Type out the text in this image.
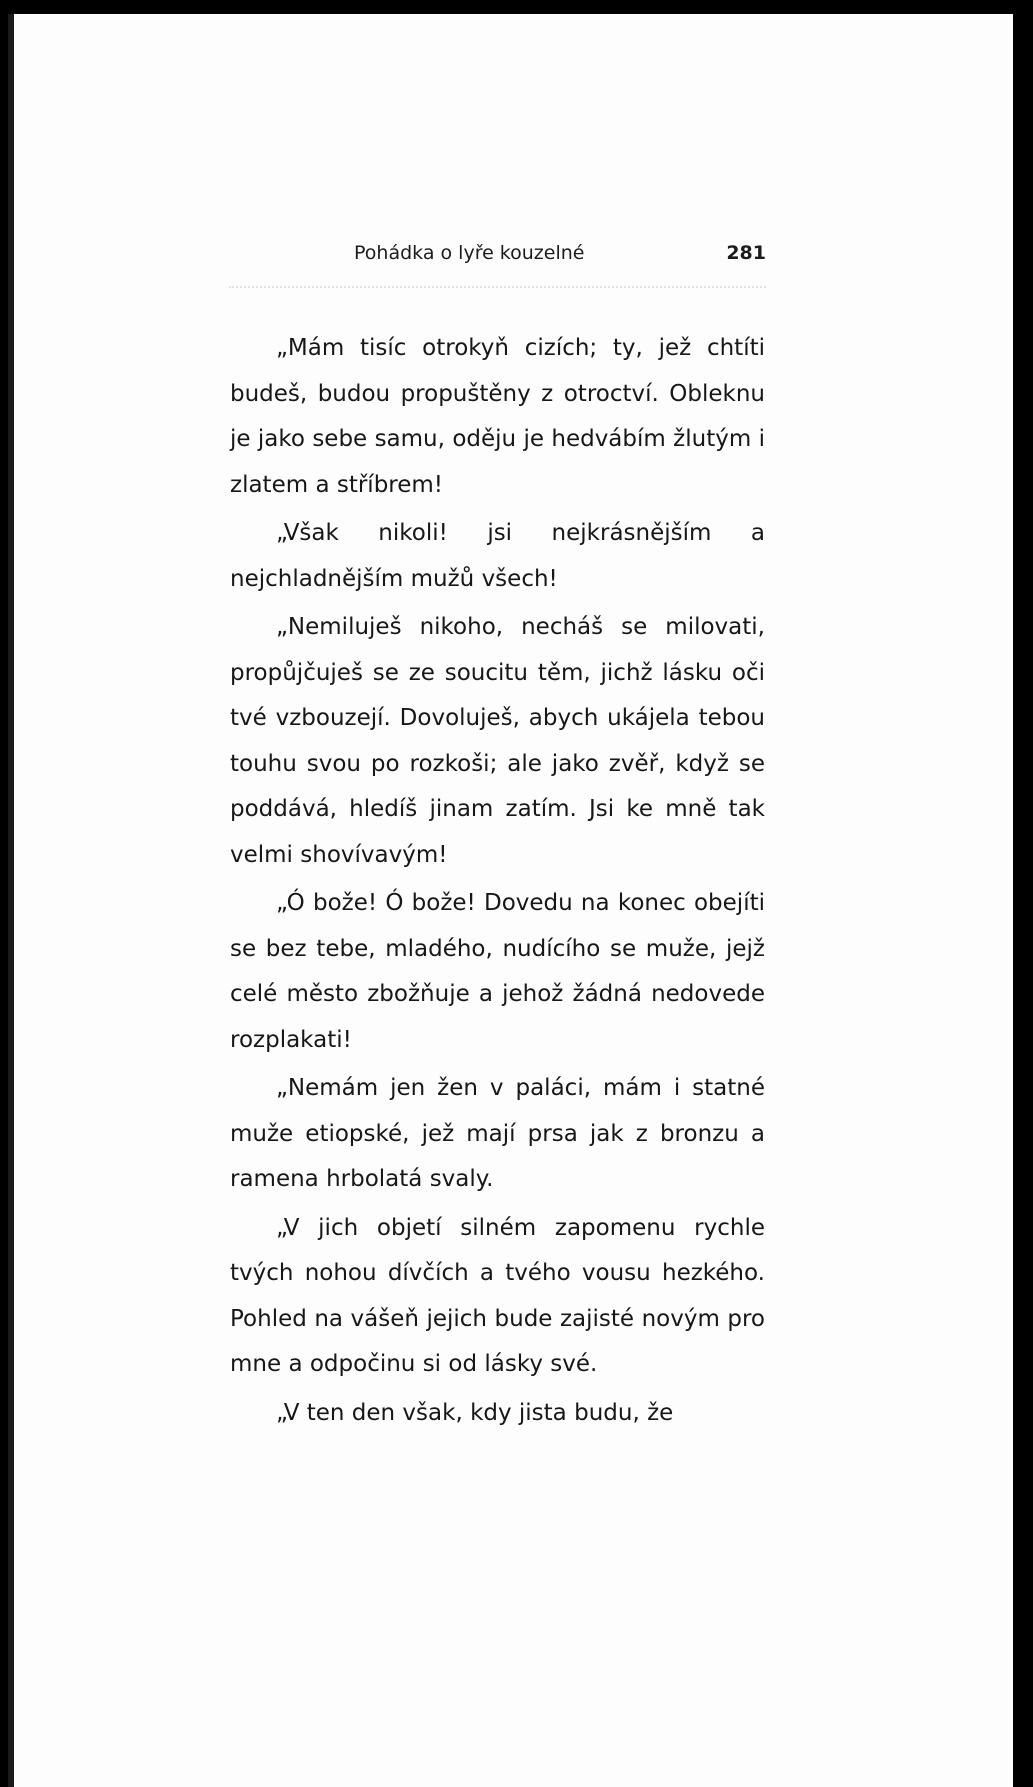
Pohádka o lyře kouzelné	281

„Mám tisíc otrokyň cizích; ty, jež chtíti budeš, budou propuštěny z otroctví. Obleknu je jako sebe samu, oděju je hedvábím žlutým i zlatem a stříbrem!

„Však nikoli! jsi nejkrásnějším a nejchladnějším mužů všech!

„Nemiluješ nikoho, necháš se milovati, propůjčuješ se ze soucitu těm, jichž lásku oči tvé vzbouzejí. Dovoluješ, abych ukájela tebou touhu svou po rozkoši; ale jako zvěř, když se poddává, hledíš jinam zatím. Jsi ke mně tak velmi shovívavým!

„Ó bože! Ó bože! Dovedu na konec obejíti se bez tebe, mladého, nudícího se muže, jejž celé město zbožňuje a jehož žádná nedovede rozplakati!

„Nemám jen žen v paláci, mám i statné muže etiopské, jež mají prsa jak z bronzu a ramena hrbolatá svaly.

„V jich objetí silném zapomenu rychle tvých nohou dívčích a tvého vousu hezkého. Pohled na vášeň jejich bude zajisté novým pro mne a odpočinu si od lásky své.

„V ten den však, kdy jista budu, že
